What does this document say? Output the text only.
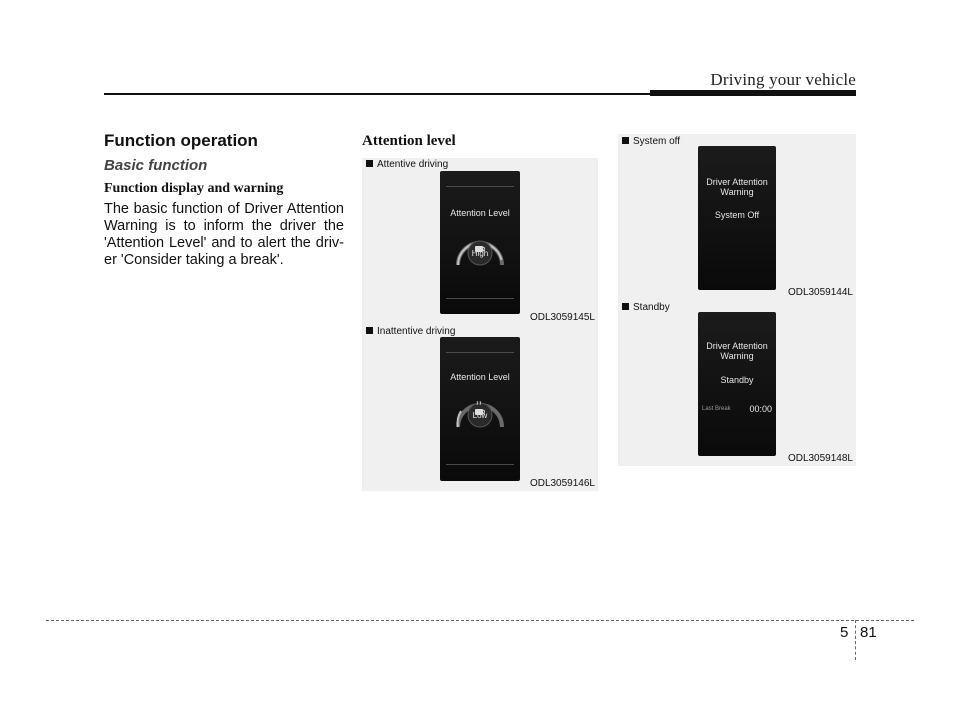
Driving your vehicle
Function operation
Basic function
Function display and warning

The basic function of Driver Attention Warning is to inform the driver the 'Attention Level' and to alert the driv-er 'Consider taking a break'.

Attention level
Attentive driving
Attention Level
High
ODL3059145L
Inattentive driving
Attention Level
Low
ODL3059146L
System off
Driver Attention
Warning
System Off
ODL3059144L
Standby
Driver Attention
Warning
Standby
Last Break 00:00
ODL3059148L
5 81
